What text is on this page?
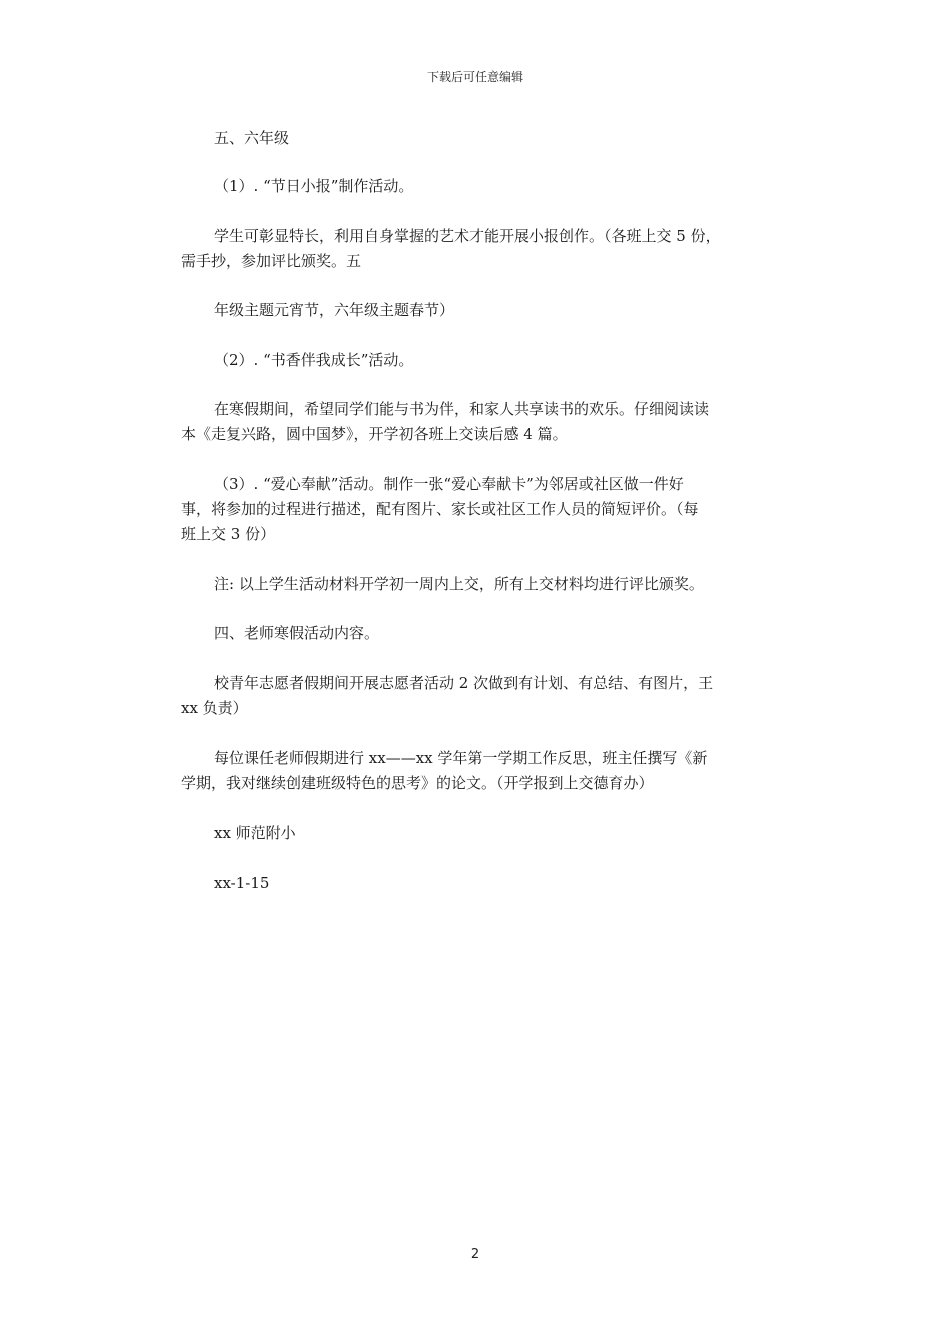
下载后可任意编辑
五、六年级
（1）. “节日小报”制作活动。
学生可彰显特长，利用自身掌握的艺术才能开展小报创作。（各班上交 5 份，
需手抄，参加评比颁奖。五
年级主题元宵节，六年级主题春节）
（2）. “书香伴我成长”活动。
在寒假期间，希望同学们能与书为伴，和家人共享读书的欢乐。仔细阅读读
本《走复兴路，圆中国梦》，开学初各班上交读后感 4 篇。
（3）. “爱心奉献”活动。制作一张“爱心奉献卡”为邻居或社区做一件好
事，将参加的过程进行描述，配有图片、家长或社区工作人员的简短评价。（每
班上交 3 份）
注: 以上学生活动材料开学初一周内上交，所有上交材料均进行评比颁奖。
四、老师寒假活动内容。
校青年志愿者假期间开展志愿者活动 2 次做到有计划、有总结、有图片，王
xx 负责）
每位课任老师假期进行 xx——xx 学年第一学期工作反思，班主任撰写《新
学期，我对继续创建班级特色的思考》的论文。（开学报到上交德育办）
xx 师范附小
xx-1-15
2
